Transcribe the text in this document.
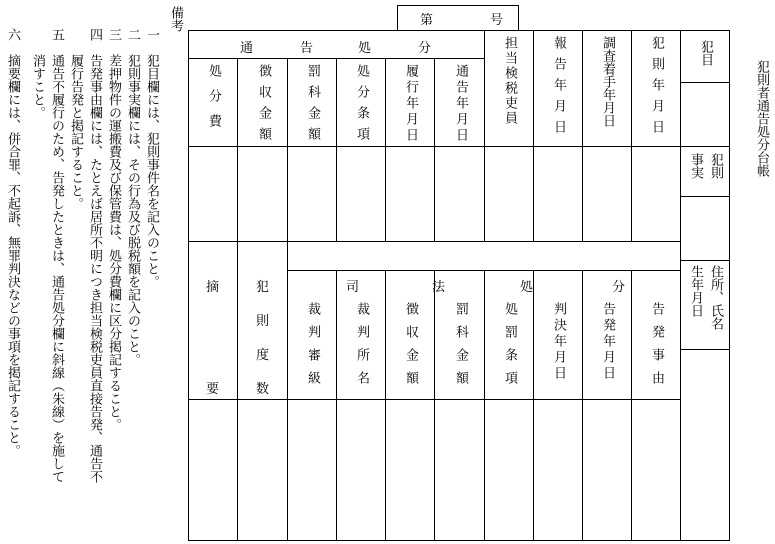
犯則者通告処分台帳
備考	第	号
通	告	処	分
処分費	徴収金額	罰科金額	処分条項	履行年月日	通告年月日	担当検税吏員	報告年月日	調査着手年月日	犯則年月日	犯目
犯則
事実
住所、氏名
生年月日
摘
要
犯
則
度
数
司	法	処	分
裁判審級	裁判所名	徴収金額	罰科金額	処罰条項	判決年月日	告発年月日	告発事由
一　犯目欄には、犯則事件名を記入のこと。
二　犯則事実欄には、その行為及び脱税額を記入のこと。
三　差押物件の運搬費及び保管費は、処分費欄に区分掲記すること。
四　告発事由欄には、たとえば居所不明につき担当検税吏員直接告発、通告不
　　履行告発と掲記すること。
五　通告不履行のため、告発したときは、通告処分欄に斜線（朱線）を施して
　　消すこと。
六　摘要欄には、併合罪、不起訴、無罪判決などの事項を掲記すること。
